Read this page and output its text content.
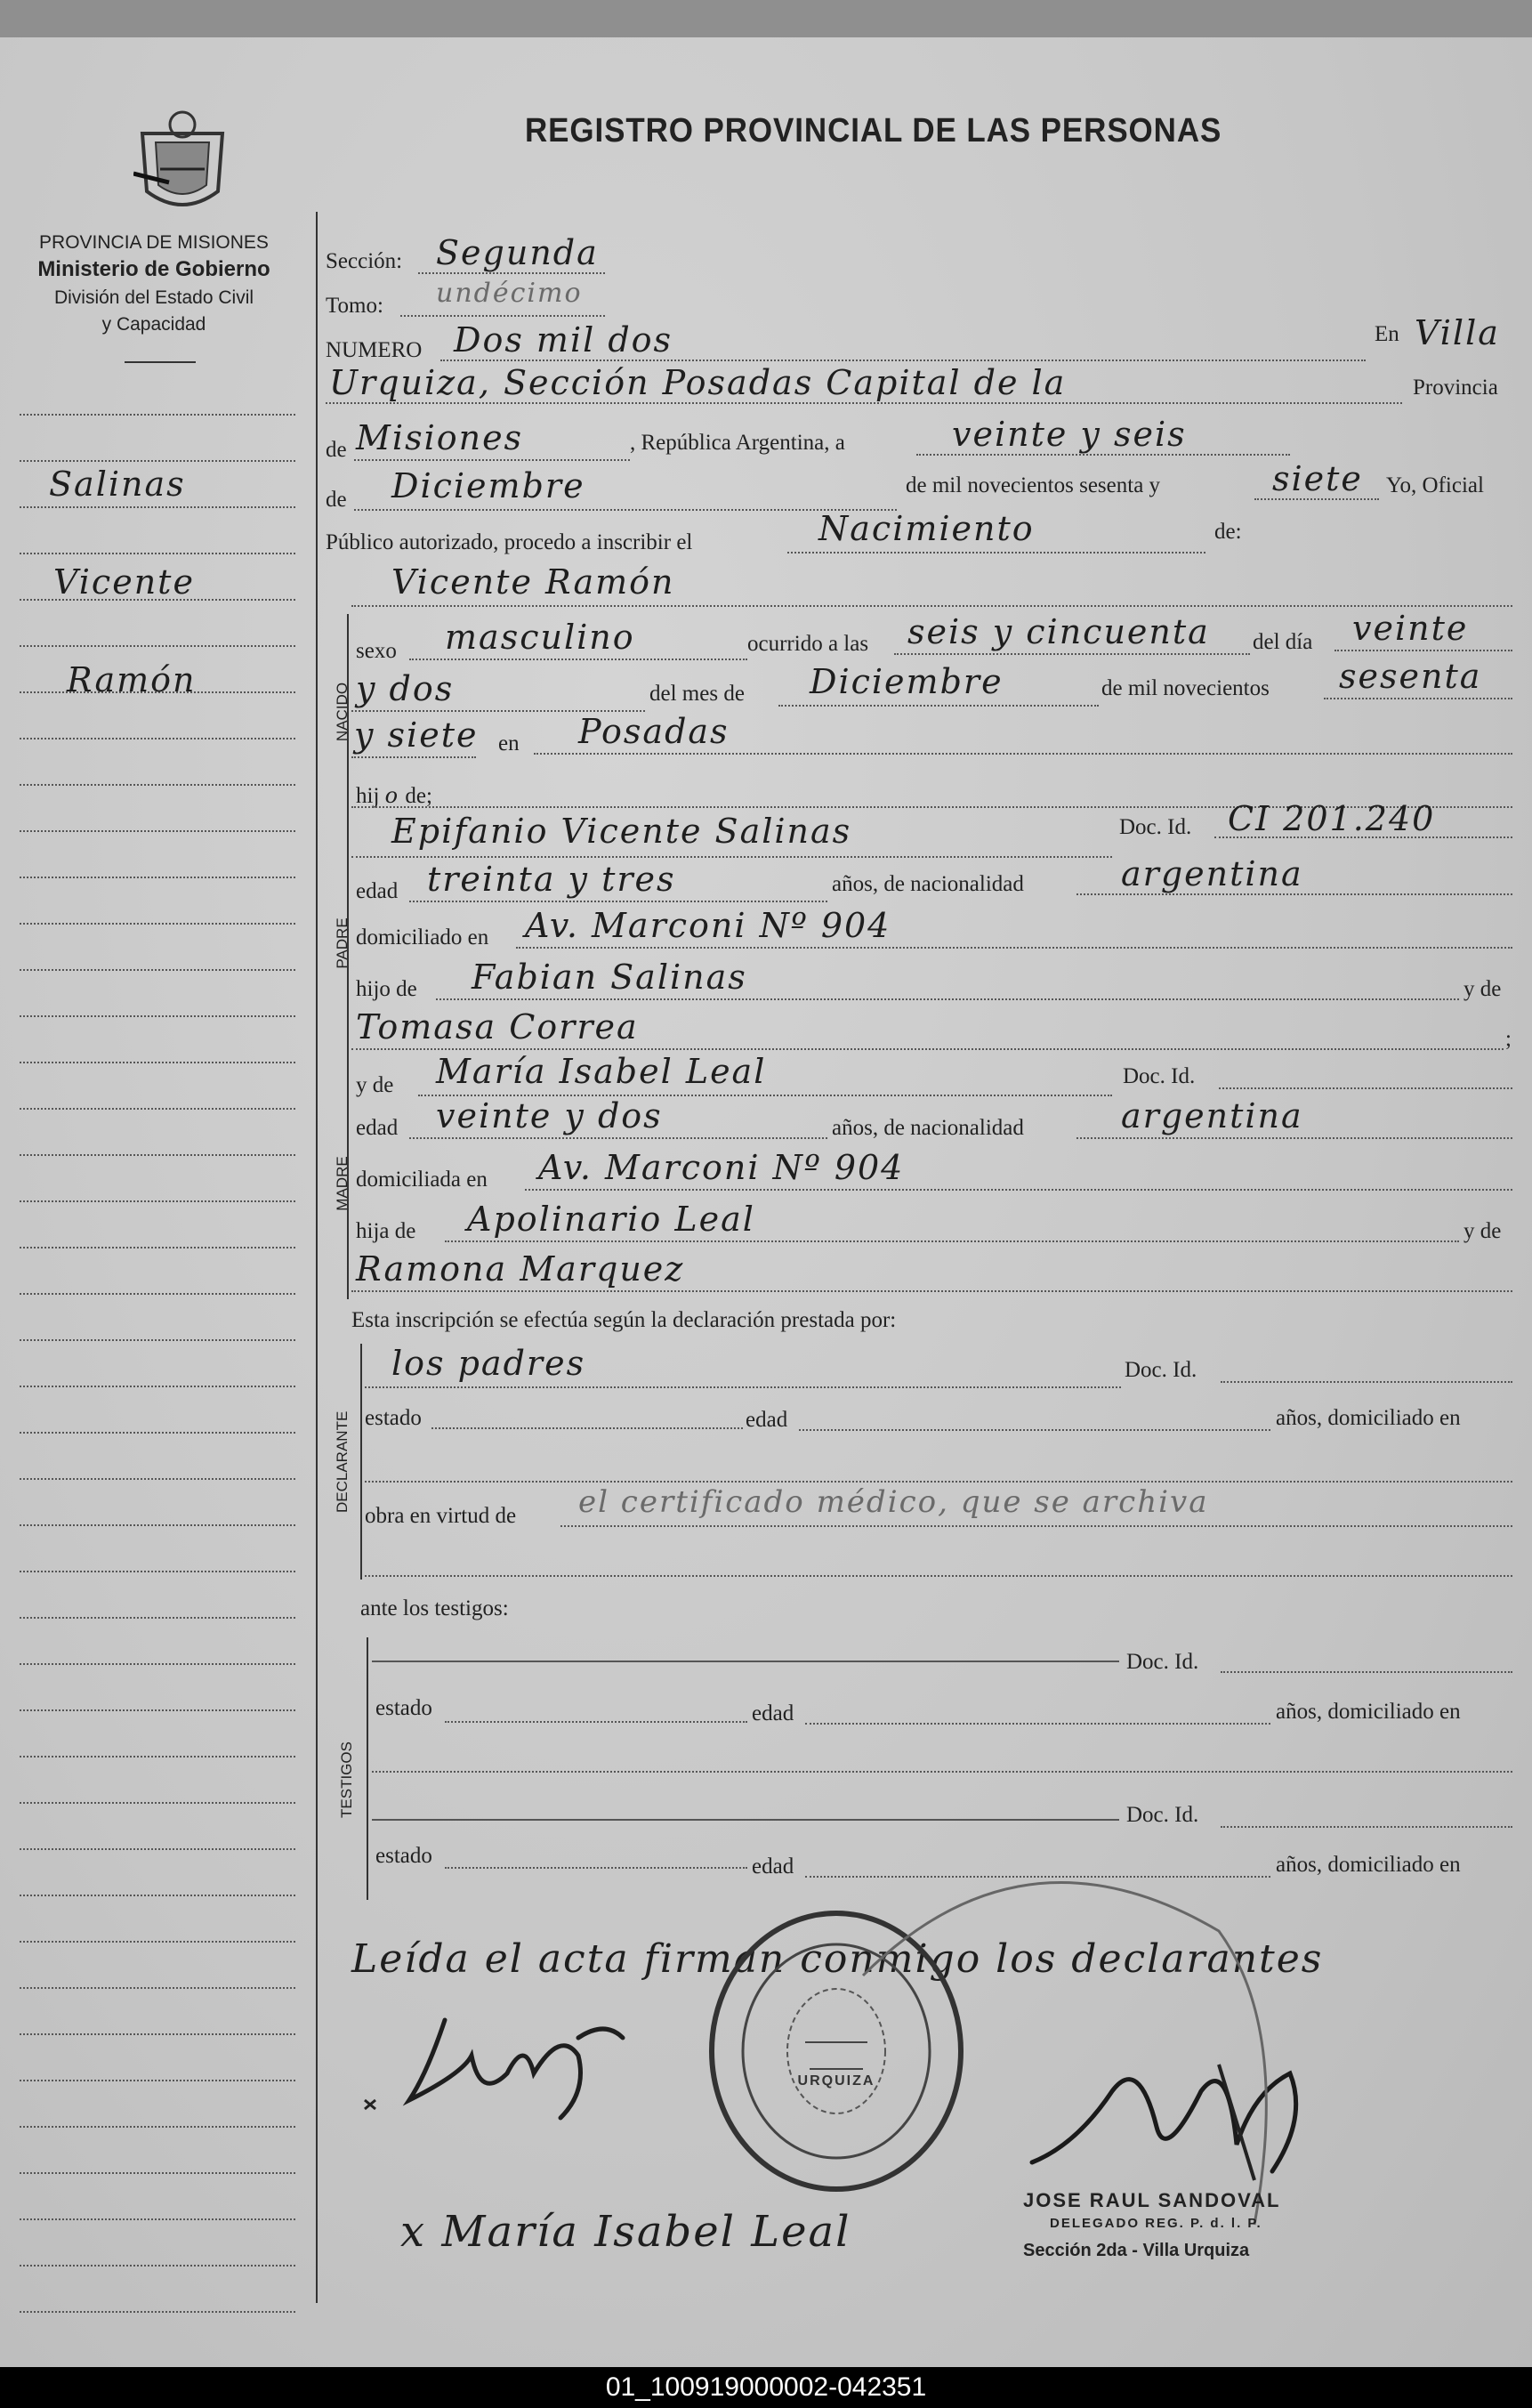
REGISTRO PROVINCIAL DE LAS PERSONAS
PROVINCIA DE MISIONES
Ministerio de Gobierno
División del Estado Civil
y Capacidad
Salinas
Vicente
Ramón
Sección: Segunda
Tomo: undécimo
NUMERO Dos mil dos	En Villa
Urquiza, Sección Posadas Capital de la	Provincia
de Misiones	, República Argentina, a	veinte y seis
de Diciembre	de mil novecientos sesenta y	siete Yo, Oficial
Público autorizado, procedo a inscribir el	Nacimiento	de:
Vicente Ramón
NACIDO
sexo masculino	ocurrido a las seis y cincuenta del día veinte
y dos	del mes de Diciembre	de mil novecientos sesenta
y siete en Posadas
hij o de;
PADRE
Epifanio Vicente Salinas	Doc. Id. CI 201.240
edad treinta y tres	años, de nacionalidad	argentina
domiciliado en Av. Marconi Nº 904
hijo de Fabian Salinas	y de
Tomasa Correa	;
MADRE
y de María Isabel Leal	Doc. Id.
edad veinte y dos	años, de nacionalidad	argentina
domiciliada en Av. Marconi Nº 904
hija de Apolinario Leal	y de
Ramona Marquez
Esta inscripción se efectúa según la declaración prestada por:
DECLARANTE
los padres	Doc. Id.
estado	edad	años, domiciliado en
obra en virtud de el certificado médico, que se archiva
ante los testigos:
TESTIGOS
Doc. Id.
estado	edad	años, domiciliado en
Doc. Id.
estado	edad	años, domiciliado en
Leída el acta firman conmigo los declarantes
URQUIZA
JOSE RAUL SANDOVAL
DELEGADO REG. P. d. l. P.
Sección 2da - Villa Urquiza
x María Isabel Leal
01_100919000002-042351
